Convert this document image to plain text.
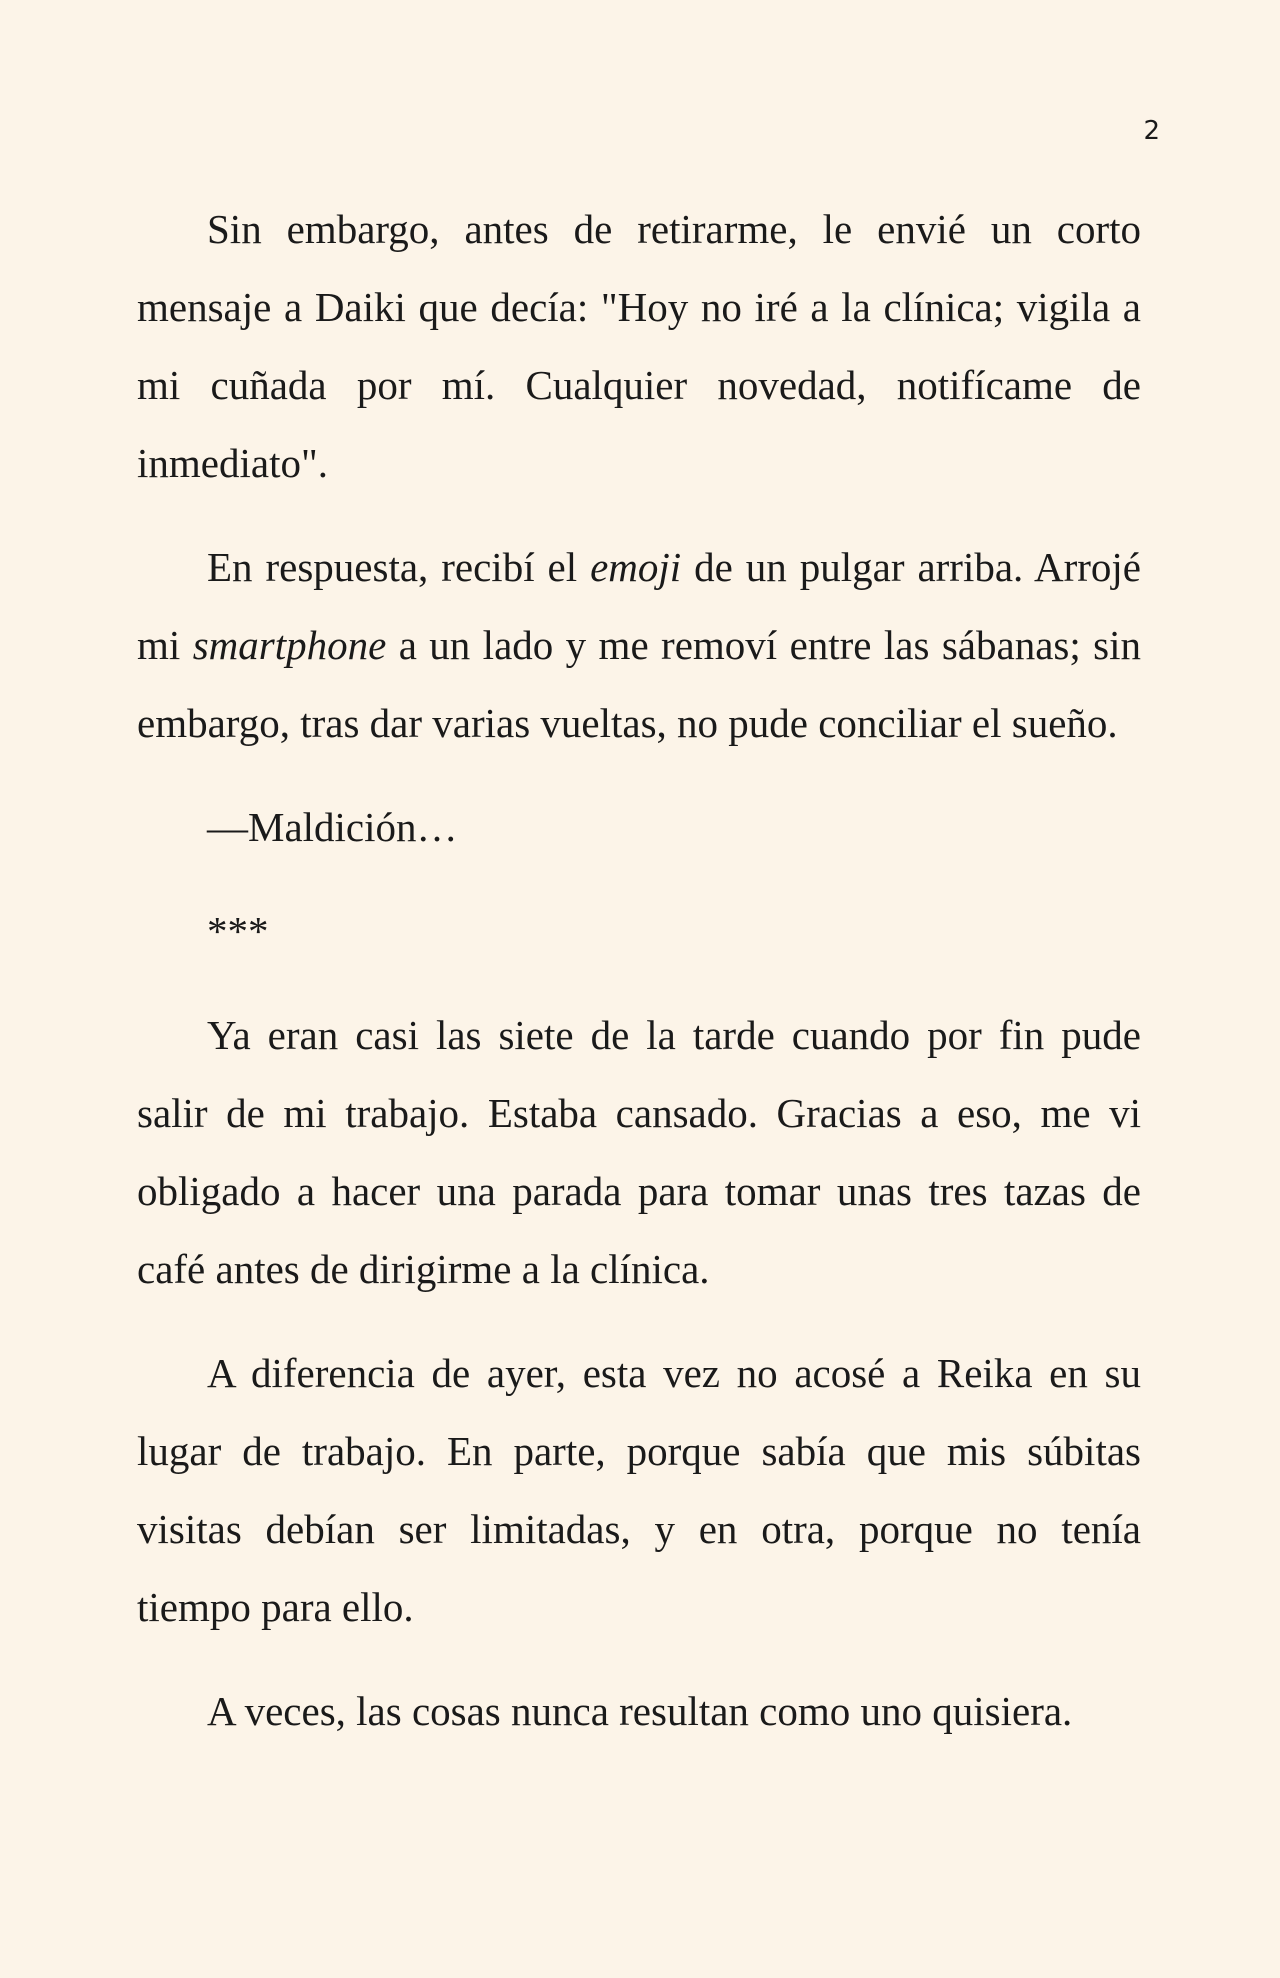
2

Sin embargo, antes de retirarme, le envié un corto mensaje a Daiki que decía: "Hoy no iré a la clínica; vigila a mi cuñada por mí. Cualquier novedad, notifícame de inmediato".

En respuesta, recibí el emoji de un pulgar arriba. Arrojé mi smartphone a un lado y me removí entre las sábanas; sin embargo, tras dar varias vueltas, no pude conciliar el sueño.

—Maldición…

***

Ya eran casi las siete de la tarde cuando por fin pude salir de mi trabajo. Estaba cansado. Gracias a eso, me vi obligado a hacer una parada para tomar unas tres tazas de café antes de dirigirme a la clínica.

A diferencia de ayer, esta vez no acosé a Reika en su lugar de trabajo. En parte, porque sabía que mis súbitas visitas debían ser limitadas, y en otra, porque no tenía tiempo para ello.

A veces, las cosas nunca resultan como uno quisiera.
